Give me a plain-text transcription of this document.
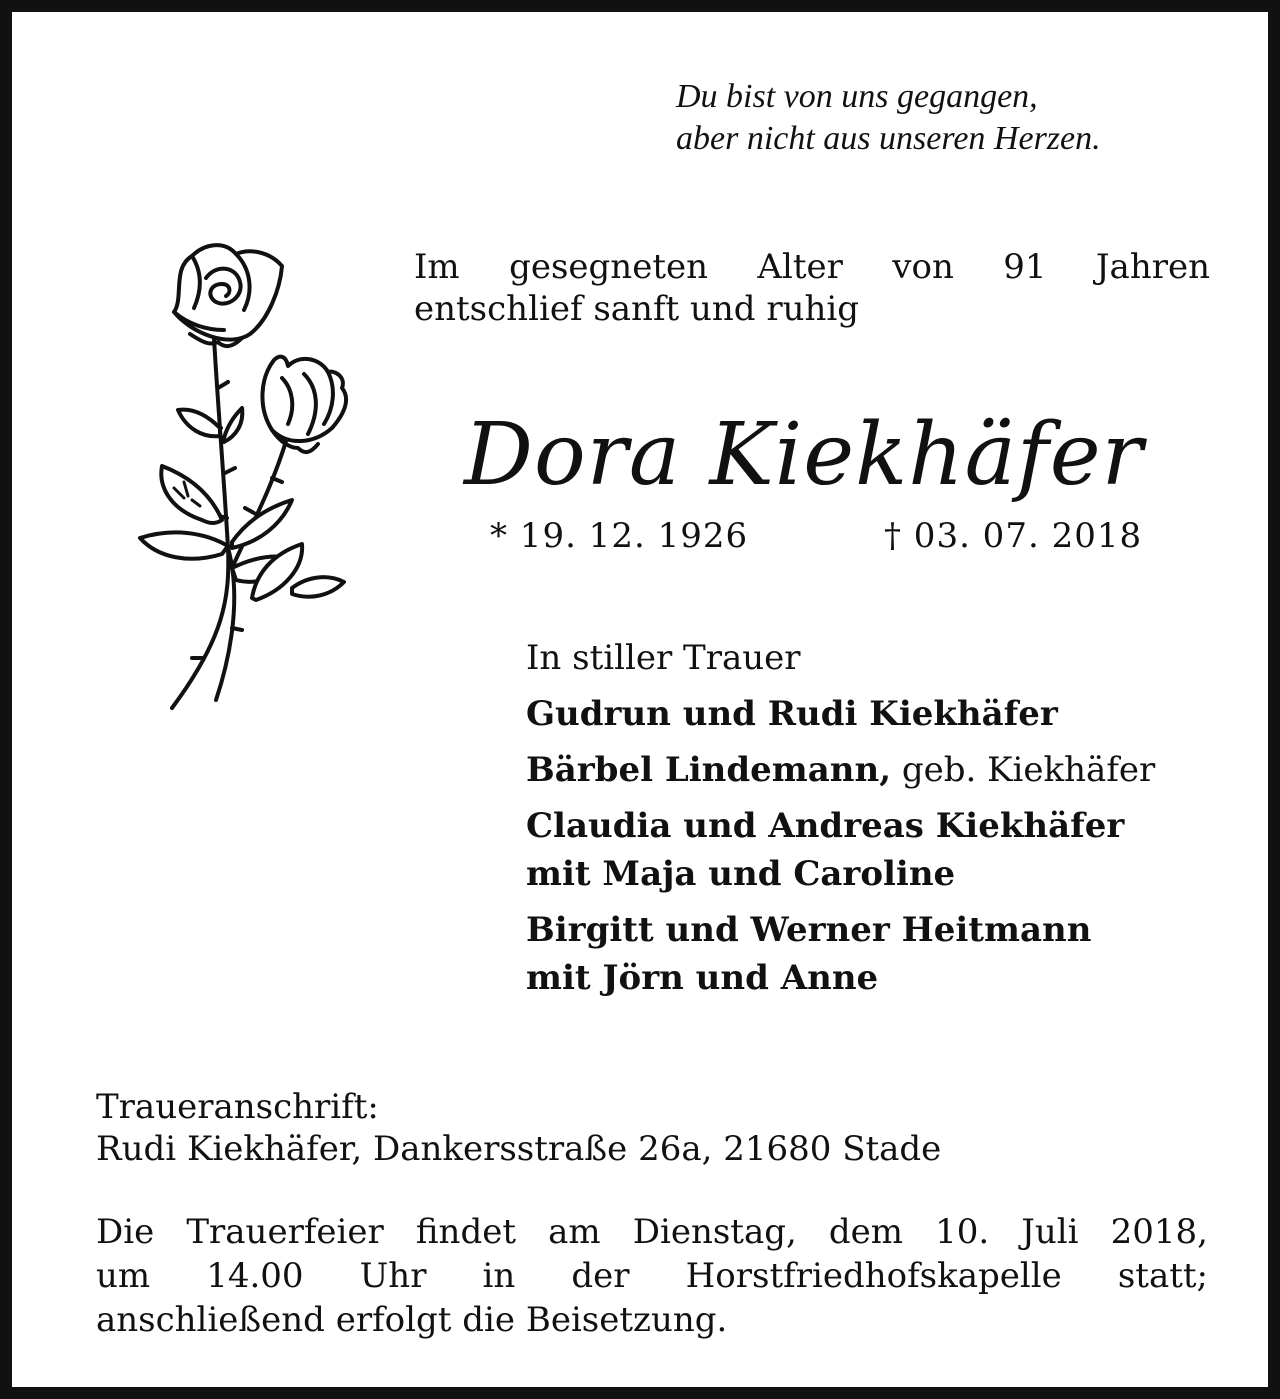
Du bist von uns gegangen,
aber nicht aus unseren Herzen.
Im gesegneten Alter von 91 Jahren
entschlief sanft und ruhig
Dora Kiekhäfer
* 19. 12. 1926	† 03. 07. 2018
In stiller Trauer
Gudrun und Rudi Kiekhäfer
Bärbel Lindemann, geb. Kiekhäfer
Claudia und Andreas Kiekhäfer
mit Maja und Caroline
Birgitt und Werner Heitmann
mit Jörn und Anne
Traueranschrift:
Rudi Kiekhäfer, Dankersstraße 26a, 21680 Stade
Die Trauerfeier findet am Dienstag, dem 10. Juli 2018,
um 14.00 Uhr in der Horstfriedhofskapelle statt;
anschließend erfolgt die Beisetzung.
